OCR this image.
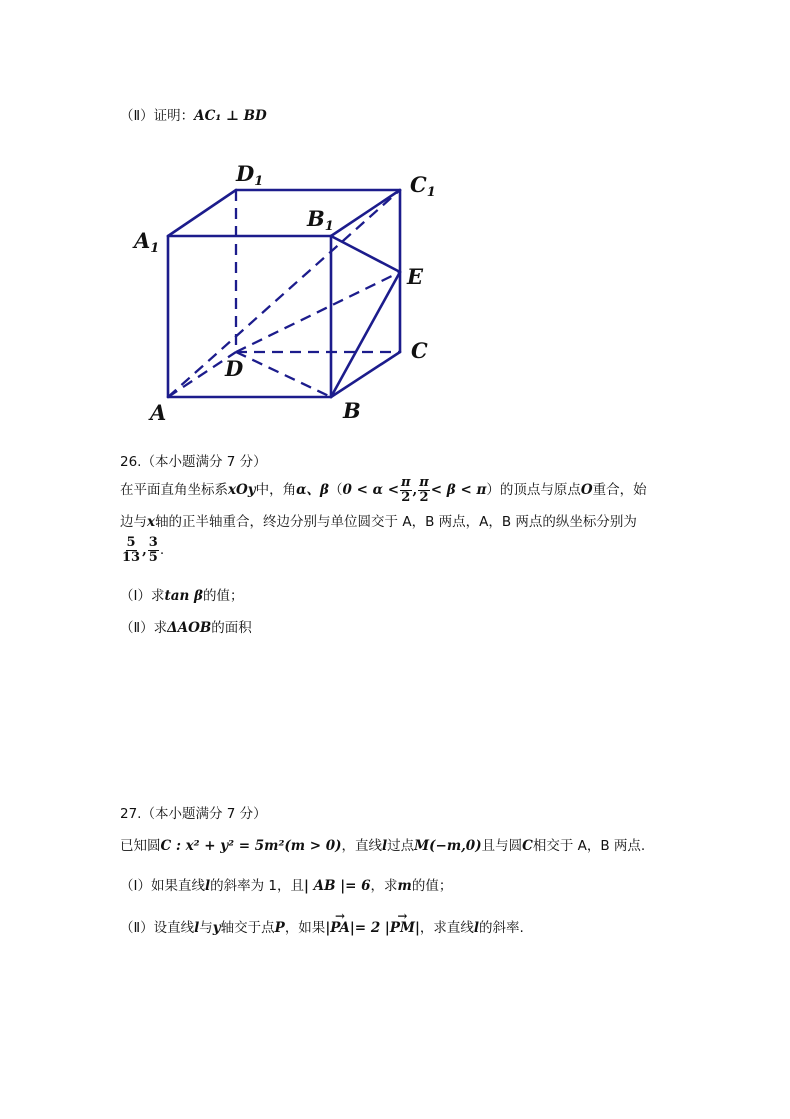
（Ⅱ）证明：AC₁ ⊥ BD
D1	C1
B1
A1
E
C
D
A	B
26.（本小题满分 7 分）
在平面直角坐标系xOy中，角α、$\beta(0 < \alpha < \frac{\pi}{2}$ , $\frac{\pi}{2} < \beta < \pi$）的顶点与原点O重合，始
边与x轴的正半轴重合，终边分别与单位圆交于 A，B 两点，A，B 两点的纵坐标分别为
$\frac{5}{13}$ , $\frac{3}{5}$ .
（Ⅰ）求tan β的值；
（Ⅱ）求ΔAOB的面积
27.（本小题满分 7 分）
已知圆C : x² + y² = 5m²(m > 0)，直线l过点M(−m,0)且与圆C相交于 A，B 两点.
（Ⅰ）如果直线l的斜率为 1，且| AB |= 6，求m的值；
（Ⅱ）设直线l与y轴交于点P，如果|→ PA|= 2 |→ PM|，求直线l的斜率.
